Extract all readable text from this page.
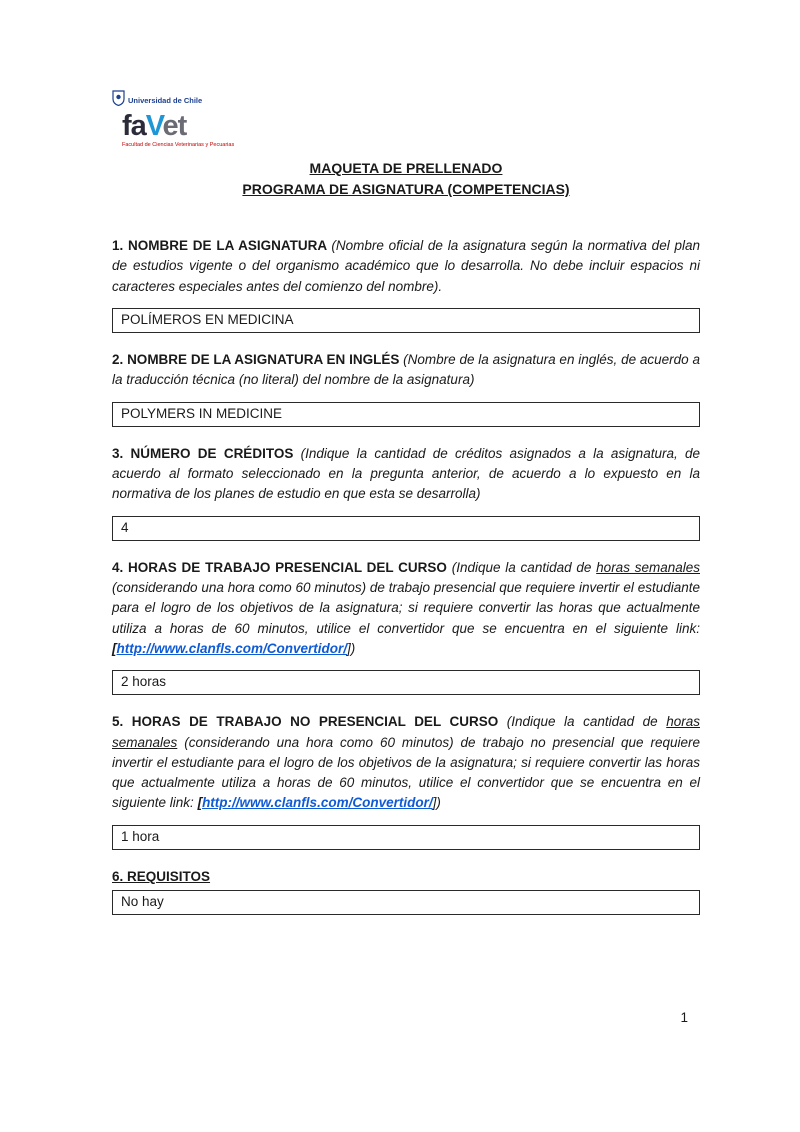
Universidad de Chile
faVet
Facultad de Ciencias Veterinarias y Pecuarias
MAQUETA DE PRELLENADO
PROGRAMA DE ASIGNATURA (COMPETENCIAS)

1. NOMBRE DE LA ASIGNATURA (Nombre oficial de la asignatura según la normativa del plan de estudios vigente o del organismo académico que lo desarrolla. No debe incluir espacios ni caracteres especiales antes del comienzo del nombre).

POLÍMEROS EN MEDICINA

2. NOMBRE DE LA ASIGNATURA EN INGLÉS (Nombre de la asignatura en inglés, de acuerdo a la traducción técnica (no literal) del nombre de la asignatura)

POLYMERS IN MEDICINE

3. NÚMERO DE CRÉDITOS (Indique la cantidad de créditos asignados a la asignatura, de acuerdo al formato seleccionado en la pregunta anterior, de acuerdo a lo expuesto en la normativa de los planes de estudio en que esta se desarrolla)

4

4. HORAS DE TRABAJO PRESENCIAL DEL CURSO (Indique la cantidad de horas semanales (considerando una hora como 60 minutos) de trabajo presencial que requiere invertir el estudiante para el logro de los objetivos de la asignatura; si requiere convertir las horas que actualmente utiliza a horas de 60 minutos, utilice el convertidor que se encuentra en el siguiente link: [http://www.clanfls.com/Convertidor/])

2 horas

5. HORAS DE TRABAJO NO PRESENCIAL DEL CURSO (Indique la cantidad de horas semanales (considerando una hora como 60 minutos) de trabajo no presencial que requiere invertir el estudiante para el logro de los objetivos de la asignatura; si requiere convertir las horas que actualmente utiliza a horas de 60 minutos, utilice el convertidor que se encuentra en el siguiente link: [http://www.clanfls.com/Convertidor/])

1 hora

6. REQUISITOS

No hay
1
